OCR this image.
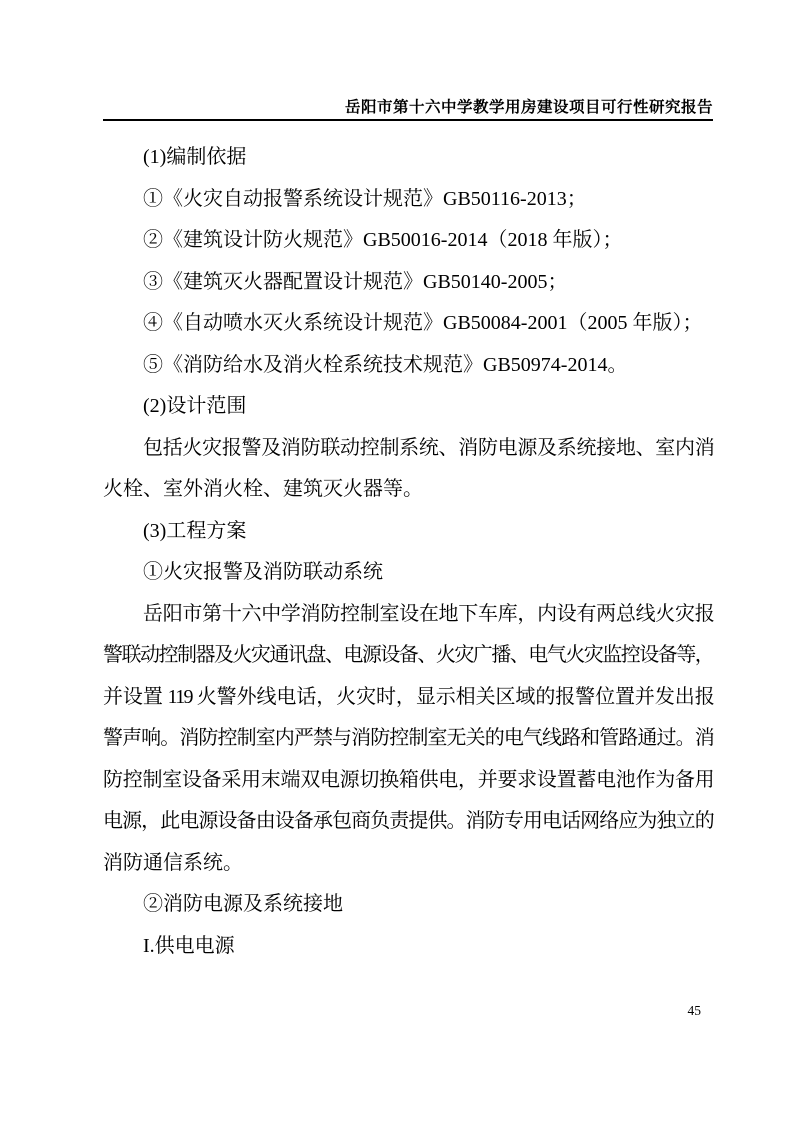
岳阳市第十六中学教学用房建设项目可行性研究报告
(1)编制依据
①《火灾自动报警系统设计规范》GB50116-2013；
②《建筑设计防火规范》GB50016-2014（2018 年版）；
③《建筑灭火器配置设计规范》GB50140-2005；
④《自动喷水灭火系统设计规范》GB50084-2001（2005 年版）；
⑤《消防给水及消火栓系统技术规范》GB50974-2014。
(2)设计范围
包括火灾报警及消防联动控制系统、消防电源及系统接地、室内消
火栓、室外消火栓、建筑灭火器等。
(3)工程方案
①火灾报警及消防联动系统
岳阳市第十六中学消防控制室设在地下车库，内设有两总线火灾报
警联动控制器及火灾通讯盘、电源设备、火灾广播、电气火灾监控设备等，
并设置 119 火警外线电话，火灾时，显示相关区域的报警位置并发出报
警声响。消防控制室内严禁与消防控制室无关的电气线路和管路通过。消
防控制室设备采用末端双电源切换箱供电，并要求设置蓄电池作为备用
电源，此电源设备由设备承包商负责提供。消防专用电话网络应为独立的
消防通信系统。
②消防电源及系统接地
I.供电电源
45
